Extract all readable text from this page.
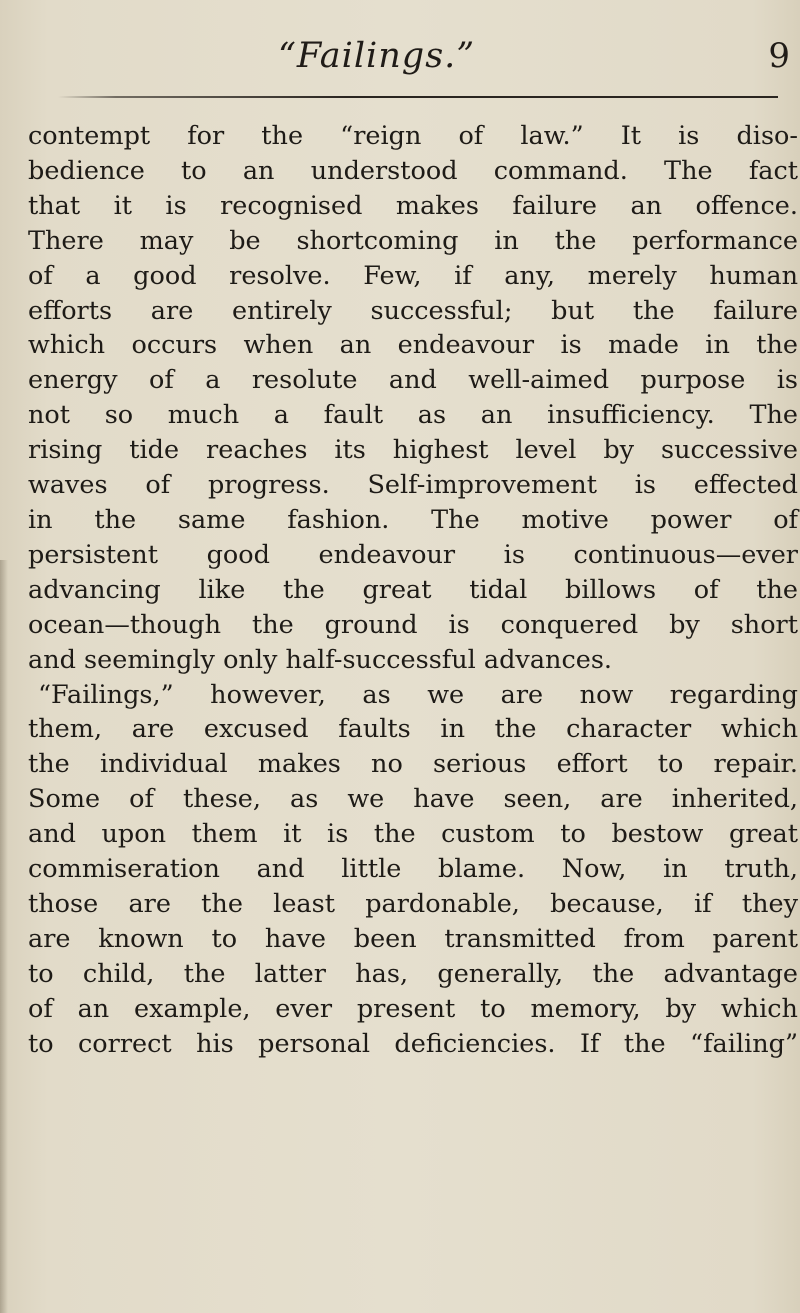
“Failings.”	9
contempt for the “reign of law.” It is diso-
bedience to an understood command. The fact
that it is recognised makes failure an offence.
There may be shortcoming in the performance
of a good resolve. Few, if any, merely human
efforts are entirely successful; but the failure
which occurs when an endeavour is made in the
energy of a resolute and well-aimed purpose is
not so much a fault as an insufficiency. The
rising tide reaches its highest level by successive
waves of progress. Self-improvement is effected
in the same fashion. The motive power of
persistent good endeavour is continuous—ever
advancing like the great tidal billows of the
ocean—though the ground is conquered by short
and seemingly only half-successful advances.
“Failings,” however, as we are now regarding
them, are excused faults in the character which
the individual makes no serious effort to repair.
Some of these, as we have seen, are inherited,
and upon them it is the custom to bestow great
commiseration and little blame. Now, in truth,
those are the least pardonable, because, if they
are known to have been transmitted from parent
to child, the latter has, generally, the advantage
of an example, ever present to memory, by which
to correct his personal deficiencies. If the “failing”
